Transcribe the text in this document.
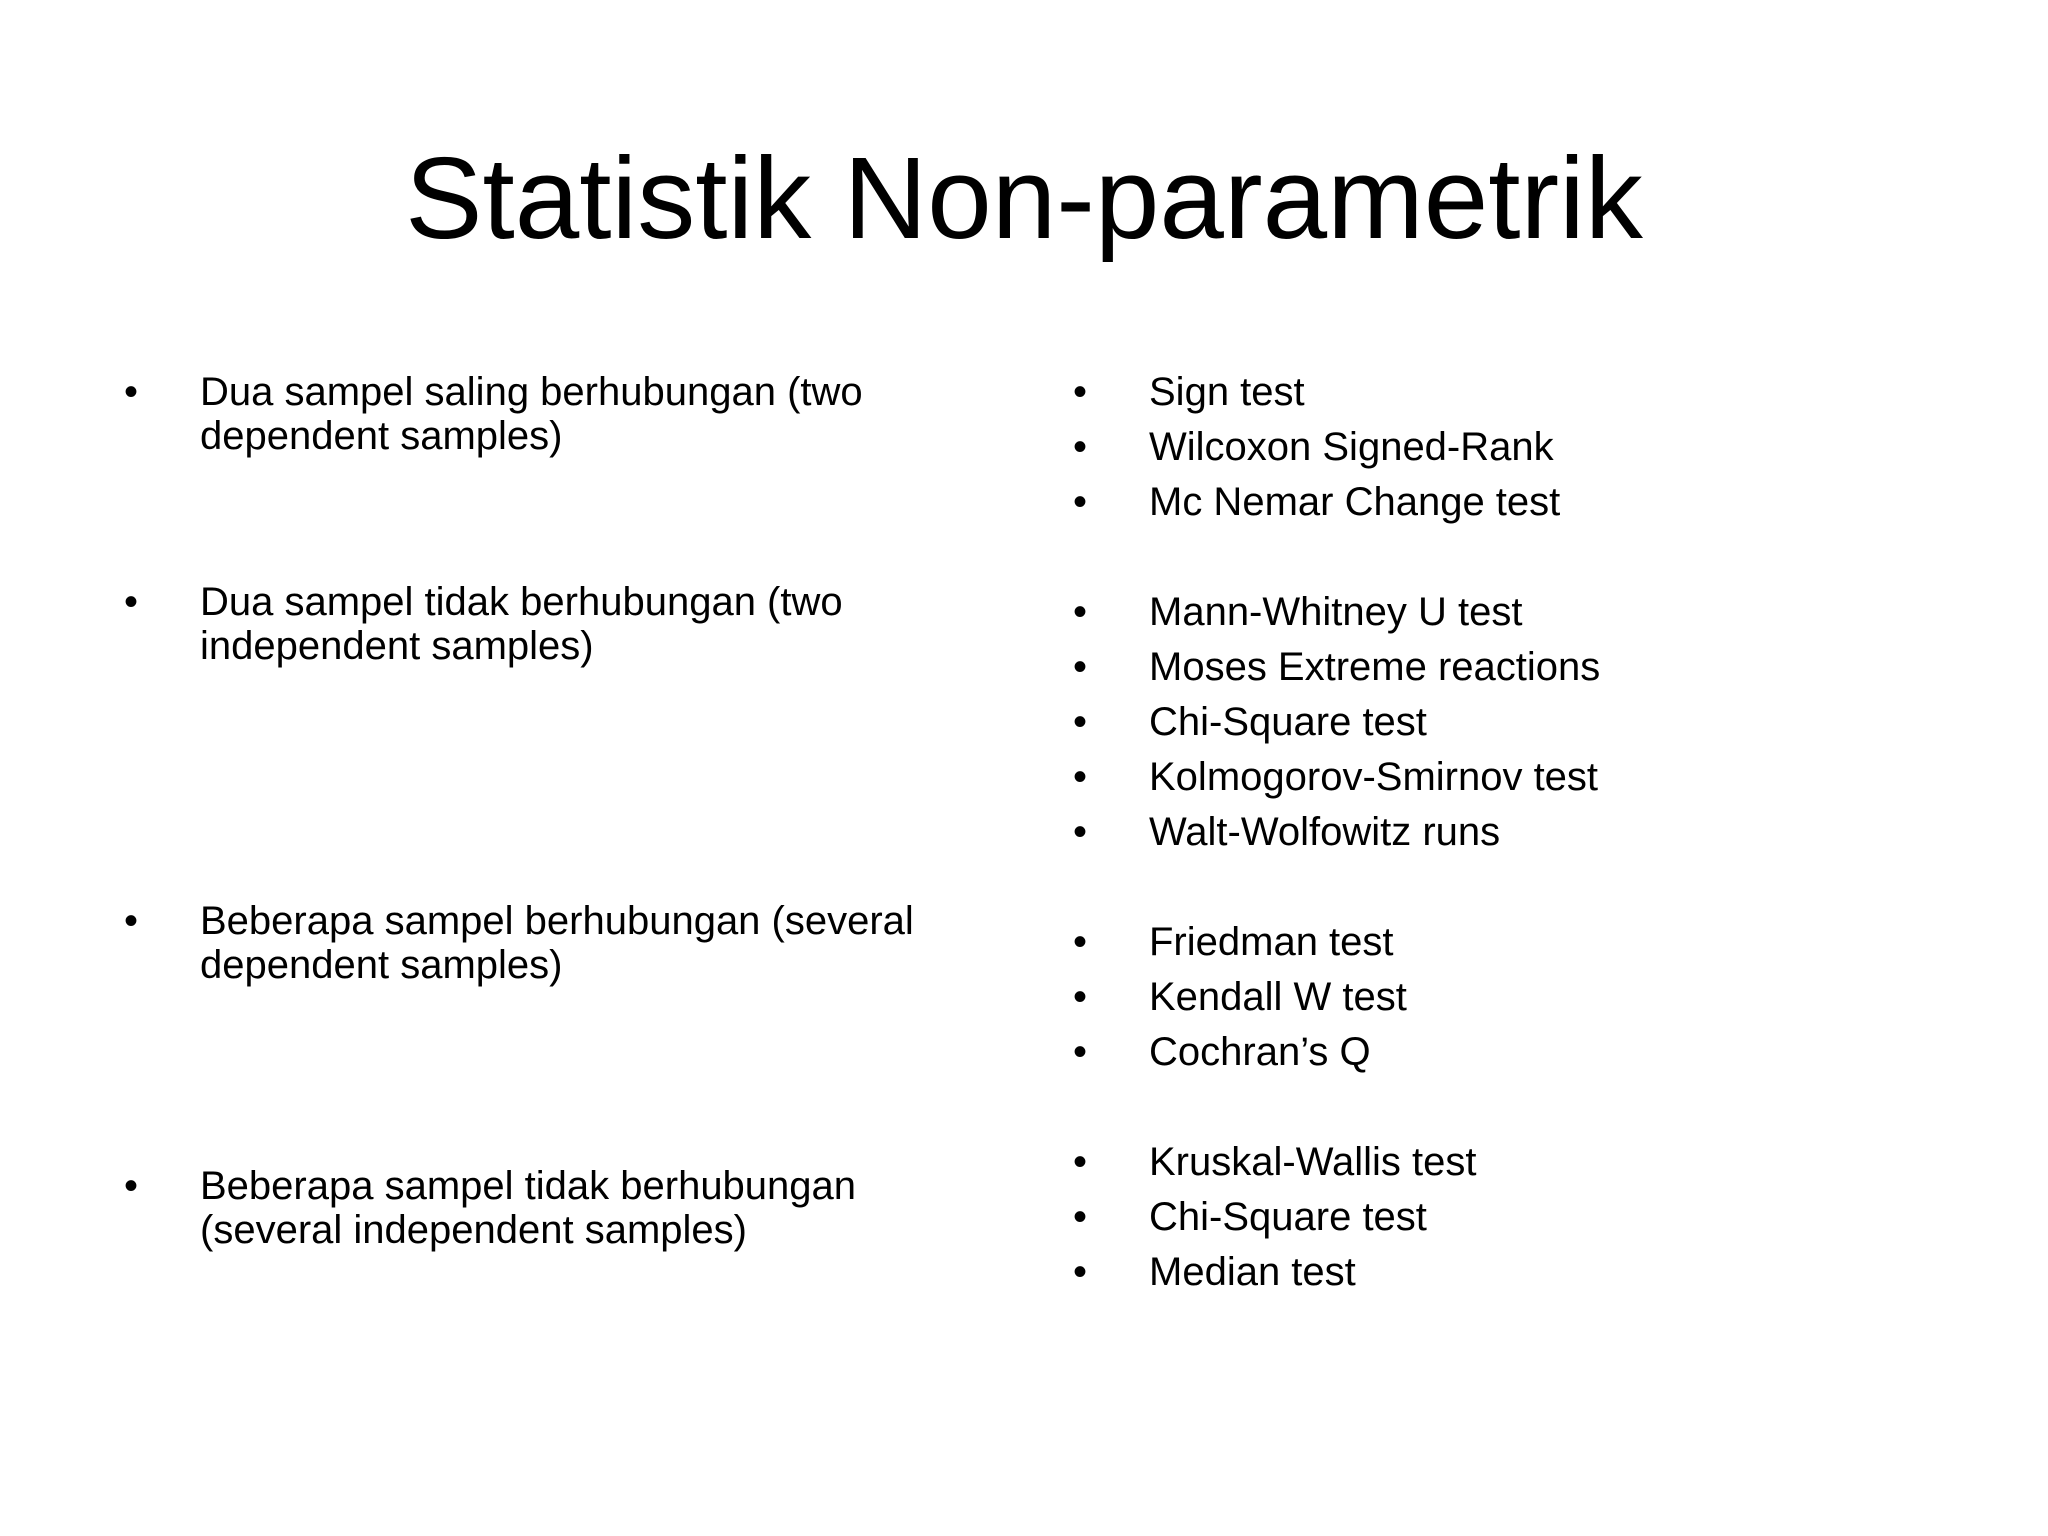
Statistik Non-parametrik
•	Dua sampel saling berhubungan (two
dependent samples)
•	Dua sampel tidak berhubungan (two
independent samples)
•	Beberapa sampel berhubungan (several
dependent samples)
•	Beberapa sampel tidak berhubungan
(several independent samples)
•	Sign test
•	Wilcoxon Signed-Rank
•	Mc Nemar Change test
•	Mann-Whitney U test
•	Moses Extreme reactions
•	Chi-Square test
•	Kolmogorov-Smirnov test
•	Walt-Wolfowitz runs
•	Friedman test
•	Kendall W test
•	Cochran’s Q
•	Kruskal-Wallis test
•	Chi-Square test
•	Median test
